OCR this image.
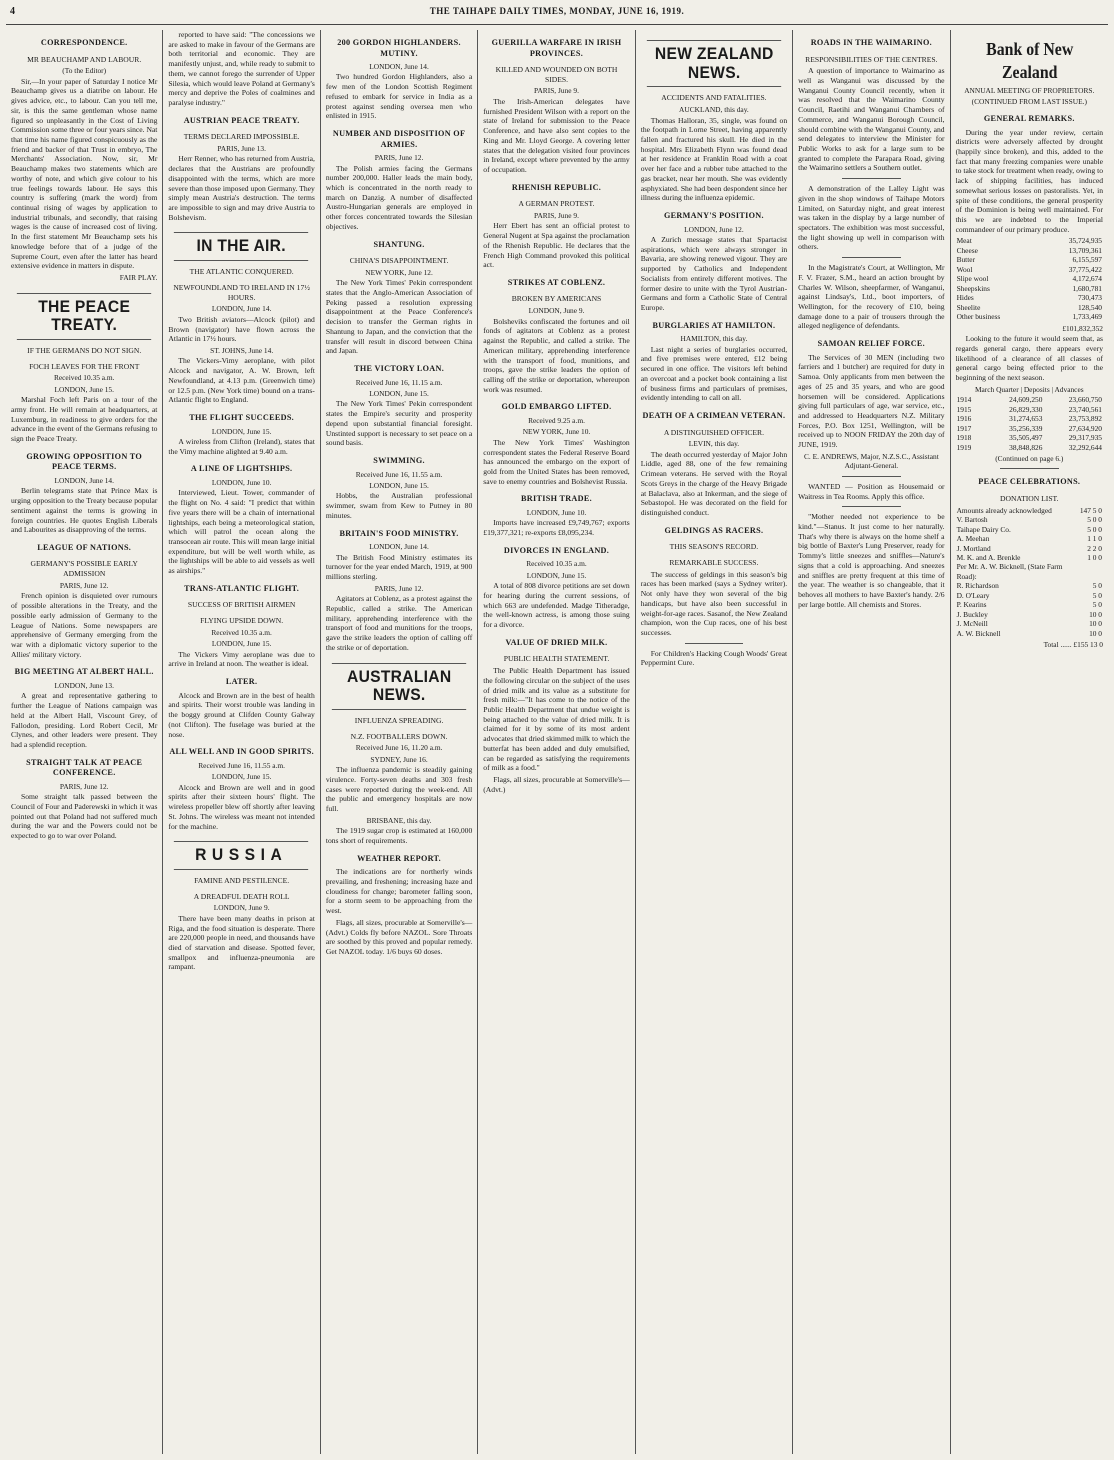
4	THE TAIHAPE DAILY TIMES, MONDAY, JUNE 16, 1919.
CORRESPONDENCE.
MR BEAUCHAMP AND LABOUR.
(To the Editor)

Sir,—In your paper of Saturday I notice Mr Beauchamp gives us a diatribe on labour. He gives advice, etc., to labour. Can you tell me, sir, is this the same gentleman whose name figured so unpleasantly in the Cost of Living Commission some three or four years since. Nat that time his name figured conspicuously as the friend and backer of that Trust in embryo, The Merchants' Association. Now, sir, Mr Beauchamp makes two statements which are worthy of note, and which give colour to his true feelings towards labour. He says this country is suffering (mark the word) from continual rising of wages by application to industrial tribunals, and secondly, that raising wages is the cause of increased cost of living. In the first statement Mr Beauchamp sets his knowledge before that of a judge of the Supreme Court, even after the latter has heard extensive evidence in matters in dispute.

FAIR PLAY.
THE PEACE TREATY.
IF THE GERMANS DO NOT SIGN.
FOCH LEAVES FOR THE FRONT
Received 10.35 a.m.
LONDON, June 15.

Marshal Foch left Paris on a tour of the army front. He will remain at headquarters, at Luxemburg, in readiness to give orders for the advance in the event of the Germans refusing to sign the Peace Treaty.

GROWING OPPOSITION TO PEACE TERMS.
LONDON, June 14.

Berlin telegrams state that Prince Max is urging opposition to the Treaty because popular sentiment against the terms is growing in foreign countries. He quotes English Liberals and Labourites as disapproving of the terms.

LEAGUE OF NATIONS.
GERMANY'S POSSIBLE EARLY ADMISSION
PARIS, June 12.

French opinion is disquieted over rumours of possible alterations in the Treaty, and the possible early admission of Germany to the League of Nations. Some newspapers are apprehensive of Germany emerging from the war with a diplomatic victory superior to the Allies' military victory.

BIG MEETING AT ALBERT HALL.
LONDON, June 13.

A great and representative gathering to further the League of Nations campaign was held at the Albert Hall, Viscount Grey, of Fallodon, presiding. Lord Robert Cecil, Mr Clynes, and other leaders were present. They had a splendid reception.

STRAIGHT TALK AT PEACE CONFERENCE.
PARIS, June 12.

Some straight talk passed between the Council of Four and Paderewski in which it was pointed out that Poland had not suffered much during the war and the Powers could not be expected to go to war over Poland.

reported to have said: "The concessions we are asked to make in favour of the Germans are both territorial and economic. They are manifestly unjust, and, while ready to submit to them, we cannot forego the surrender of Upper Silesia, which would leave Poland at Germany's mercy and deprive the Poles of coalmines and paralyse industry."

AUSTRIAN PEACE TREATY.
TERMS DECLARED IMPOSSIBLE.
PARIS, June 13.

Herr Renner, who has returned from Austria, declares that the Austrians are profoundly disappointed with the terms, which are more severe than those imposed upon Germany. They simply mean Austria's destruction. The terms are impossible to sign and may drive Austria to Bolshevism.

IN THE AIR.
THE ATLANTIC CONQUERED.
NEWFOUNDLAND TO IRELAND IN 17½ HOURS.
LONDON, June 14.

Two British aviators—Alcock (pilot) and Brown (navigator) have flown across the Atlantic in 17½ hours.

ST. JOHNS, June 14.

The Vickers-Vimy aeroplane, with pilot Alcock and navigator, A. W. Brown, left Newfoundland, at 4.13 p.m. (Greenwich time) or 12.5 p.m. (New York time) bound on a trans-Atlantic flight to England.

THE FLIGHT SUCCEEDS.
LONDON, June 15.

A wireless from Clifton (Ireland), states that the Vimy machine alighted at 9.40 a.m.

A LINE OF LIGHTSHIPS.
LONDON, June 10.

Interviewed, Lieut. Tower, commander of the flight on No. 4 said: "I predict that within five years there will be a chain of international lightships, each being a meteorological station, which will patrol the ocean along the transocean air route. This will mean large initial expenditure, but will be well worth while, as the lightships will be able to aid vessels as well as airships."

TRANS-ATLANTIC FLIGHT.
SUCCESS OF BRITISH AIRMEN
FLYING UPSIDE DOWN.
Received 10.35 a.m.
LONDON, June 15.

The Vickers Vimy aeroplane was due to arrive in Ireland at noon. The weather is ideal.

LATER.

Alcock and Brown are in the best of health and spirits. Their worst trouble was landing in the boggy ground at Clifden County Galway (not Clifton). The fuselage was buried at the nose.

ALL WELL AND IN GOOD SPIRITS.
Received June 16, 11.55 a.m.
LONDON, June 15.

Alcock and Brown are well and in good spirits after their sixteen hours' flight. The wireless propeller blew off shortly after leaving St. Johns. The wireless was meant not intended for the machine.

RUSSIA
FAMINE AND PESTILENCE.
A DREADFUL DEATH ROLL
LONDON, June 9.

There have been many deaths in prison at Riga, and the food situation is desperate. There are 220,000 people in need, and thousands have died of starvation and disease. Spotted fever, smallpox and influenza-pneumonia are rampant.

200 GORDON HIGHLANDERS. MUTINY.
LONDON, June 14.

Two hundred Gordon Highlanders, also a few men of the London Scottish Regiment refused to embark for service in India as a protest against sending oversea men who enlisted in 1915.

NUMBER AND DISPOSITION OF ARMIES.
PARIS, June 12.

The Polish armies facing the Germans number 200,000. Haller leads the main body, which is concentrated in the north ready to march on Danzig. A number of disaffected Austro-Hungarian generals are employed in other forces concentrated towards the Silesian objectives.

SHANTUNG.
CHINA'S DISAPPOINTMENT.
NEW YORK, June 12.

The New York Times' Pekin correspondent states that the Anglo-American Association of Peking passed a resolution expressing disappointment at the Peace Conference's decision to transfer the German rights in Shantung to Japan, and the conviction that the transfer will result in discord between China and Japan.

THE VICTORY LOAN.
Received June 16, 11.15 a.m.
LONDON, June 15.

The New York Times' Pekin correspondent states the Empire's security and prosperity depend upon substantial financial foresight. Unstinted support is necessary to set peace on a sound basis.

SWIMMING.
Received June 16, 11.55 a.m.
LONDON, June 15.

Hobbs, the Australian professional swimmer, swam from Kew to Putney in 80 minutes.

BRITAIN'S FOOD MINISTRY.
LONDON, June 14.

The British Food Ministry estimates its turnover for the year ended March, 1919, at 900 millions sterling.

PARIS, June 12.

Agitators at Coblenz, as a protest against the Republic, called a strike. The American military, apprehending interference with the transport of food and munitions for the troops, gave the strike leaders the option of calling off the strike or of deportation.

AUSTRALIAN NEWS.
INFLUENZA SPREADING.
N.Z. FOOTBALLERS DOWN.
Received June 16, 11.20 a.m.
SYDNEY, June 16.

The influenza pandemic is steadily gaining virulence. Forty-seven deaths and 303 fresh cases were reported during the week-end. All the public and emergency hospitals are now full.

BRISBANE, this day.

The 1919 sugar crop is estimated at 160,000 tons short of requirements.

WEATHER REPORT.

The indications are for northerly winds prevailing, and freshening; increasing haze and cloudiness for change; barometer falling soon, for a storm seem to be approaching from the west.

Flags, all sizes, procurable at Somerville's—(Advt.) Colds fly before NAZOL. Sore Throats are soothed by this proved and popular remedy. Get NAZOL today. 1/6 buys 60 doses.

GUERILLA WARFARE IN IRISH PROVINCES.
KILLED AND WOUNDED ON BOTH SIDES.
PARIS, June 9.

The Irish-American delegates have furnished President Wilson with a report on the state of Ireland for submission to the Peace Conference, and have also sent copies to the King and Mr. Lloyd George. A covering letter states that the delegation visited four provinces in Ireland, except where prevented by the army of occupation.

RHENISH REPUBLIC.
A GERMAN PROTEST.
PARIS, June 9.

Herr Ebert has sent an official protest to General Nugent at Spa against the proclamation of the Rhenish Republic. He declares that the French High Command provoked this political act.

STRIKES AT COBLENZ.
BROKEN BY AMERICANS
LONDON, June 9.

Bolsheviks confiscated the fortunes and oil fonds of agitators at Coblenz as a protest against the Republic, and called a strike. The American military, apprehending interference with the transport of food, munitions, and troops, gave the strike leaders the option of calling off the strike or deportation, whereupon work was resumed.

GOLD EMBARGO LIFTED.
Received 9.25 a.m.
NEW YORK, June 10.

The New York Times' Washington correspondent states the Federal Reserve Board has announced the embargo on the export of gold from the United States has been removed, save to enemy countries and Bolshevist Russia.

BRITISH TRADE.
LONDON, June 10.

Imports have increased £9,749,767; exports £19,377,321; re-exports £8,095,234.

DIVORCES IN ENGLAND.
Received 10.35 a.m.
LONDON, June 15.

A total of 808 divorce petitions are set down for hearing during the current sessions, of which 663 are undefended. Madge Titheradge, the well-known actress, is among those suing for a divorce.

VALUE OF DRIED MILK.
PUBLIC HEALTH STATEMENT.

The Public Health Department has issued the following circular on the subject of the uses of dried milk and its value as a substitute for fresh milk:—"It has come to the notice of the Public Health Department that undue weight is being attached to the value of dried milk. It is claimed for it by some of its most ardent advocates that dried skimmed milk to which the butterfat has been added and duly emulsified, can be regarded as satisfying the requirements of milk as a food."

Flags, all sizes, procurable at Somerville's—(Advt.)

NEW ZEALAND NEWS.
ACCIDENTS AND FATALITIES.
AUCKLAND, this day.

Thomas Halloran, 35, single, was found on the footpath in Lorne Street, having apparently fallen and fractured his skull. He died in the hospital. Mrs Elizabeth Flynn was found dead at her residence at Franklin Road with a coat over her face and a rubber tube attached to the gas bracket, near her mouth. She was evidently asphyxiated. She had been despondent since her illness during the influenza epidemic.

GERMANY'S POSITION.
LONDON, June 12.

A Zurich message states that Spartacist aspirations, which were always stronger in Bavaria, are showing renewed vigour. They are supported by Catholics and Independent Socialists from entirely different motives. The former desire to unite with the Tyrol Austrian-Germans and form a Catholic State of Central Europe.

BURGLARIES AT HAMILTON.
HAMILTON, this day.

Last night a series of burglaries occurred, and five premises were entered, £12 being secured in one office. The visitors left behind an overcoat and a pocket book containing a list of business firms and particulars of premises, evidently intending to call on all.

DEATH OF A CRIMEAN VETERAN.
A DISTINGUISHED OFFICER.
LEVIN, this day.

The death occurred yesterday of Major John Liddle, aged 88, one of the few remaining Crimean veterans. He served with the Royal Scots Greys in the charge of the Heavy Brigade at Balaclava, also at Inkerman, and the siege of Sebastopol. He was decorated on the field for distinguished conduct.

GELDINGS AS RACERS.
THIS SEASON'S RECORD.
REMARKABLE SUCCESS.

The success of geldings in this season's big races has been marked (says a Sydney writer). Not only have they won several of the big handicaps, but have also been successful in weight-for-age races. Sasanof, the New Zealand champion, won the Cup races, one of his best successes.

For Children's Hacking Cough Woods' Great Peppermint Cure.

ROADS IN THE WAIMARINO.
RESPONSIBILITIES OF THE CENTRES.

A question of importance to Waimarino as well as Wanganui was discussed by the Wanganui County Council recently, when it was resolved that the Waimarino County Council, Raetihi and Wanganui Chambers of Commerce, and Wanganui Borough Council, should combine with the Wanganui County, and send delegates to interview the Minister for Public Works to ask for a large sum to be granted to complete the Parapara Road, giving the Waimarino settlers a Southern outlet.

A demonstration of the Lalley Light was given in the shop windows of Taihape Motors Limited, on Saturday night, and great interest was taken in the display by a large number of spectators. The exhibition was most successful, the light showing up well in comparison with others.

In the Magistrate's Court, at Wellington, Mr F. V. Frazer, S.M., heard an action brought by Charles W. Wilson, sheepfarmer, of Wanganui, against Lindsay's, Ltd., boot importers, of Wellington, for the recovery of £10, being damage done to a pair of trousers through the alleged negligence of defendants.

SAMOAN RELIEF FORCE.

The Services of 30 MEN (including two farriers and 1 butcher) are required for duty in Samoa. Only applicants from men between the ages of 25 and 35 years, and who are good horsemen will be considered. Applications giving full particulars of age, war service, etc., and addressed to Headquarters N.Z. Military Forces, P.O. Box 1251, Wellington, will be received up to NOON FRIDAY the 20th day of JUNE, 1919.

C. E. ANDREWS, Major, N.Z.S.C., Assistant Adjutant-General.

WANTED — Position as Housemaid or Waitress in Tea Rooms. Apply this office.

"Mother needed not experience to be kind."—Stanus. It just come to her naturally. That's why there is always on the home shelf a big bottle of Baxter's Lung Preserver, ready for Tommy's little sneezes and sniffles—Nature's signs that a cold is approaching. And sneezes and sniffles are pretty frequent at this time of the year. The weather is so changeable, that it behoves all mothers to have Baxter's handy. 2/6 per large bottle. All chemists and Stores.

Bank of New Zealand
ANNUAL MEETING OF PROPRIETORS.
(CONTINUED FROM LAST ISSUE.)
GENERAL REMARKS.

During the year under review, certain districts were adversely affected by drought (happily since broken), and this, added to the fact that many freezing companies were unable to take stock for treatment when ready, owing to lack of shipping facilities, has induced somewhat serious losses on pastoralists. Yet, in spite of these conditions, the general prosperity of the Dominion is being well maintained. For this we are indebted to the Imperial commandeer of our primary produce.

Meat	35,724,935
Cheese	13,709,361
Butter	6,155,597
Wool	37,775,422
Slipe wool	4,172,674
Sheepskins	1,680,781
Hides	730,473
Sheelite	128,540
Other business	1,733,469
£101,832,352

Looking to the future it would seem that, as regards general cargo, there appears every likelihood of a clearance of all classes of general cargo being effected prior to the beginning of the next season.

March Quarter | Deposits | Advances
1914	24,609,250	23,660,750
1915	26,829,330	23,740,561
1916	31,274,653	23,753,892
1917	35,256,339	27,634,920
1918	35,505,497	29,317,935
1919	38,848,826	32,292,644
(Continued on page 6.)
PEACE CELEBRATIONS.
DONATION LIST.
Amounts already acknowledged	147 5 0
V. Bartosh	5 0 0
Taihape Dairy Co.	5 0 0
A. Meehan	1 1 0
J. Mortland	2 2 0
M. K. and A. Brenkle	1 0 0
Per Mr. A. W. Bicknell, (State Farm Road):	
R. Richardson	5 0
D. O'Leary	5 0
P. Kearins	5 0
J. Buckley	10 0
J. McNeill	10 0
A. W. Bicknell	10 0
Total ...... £155 13 0
